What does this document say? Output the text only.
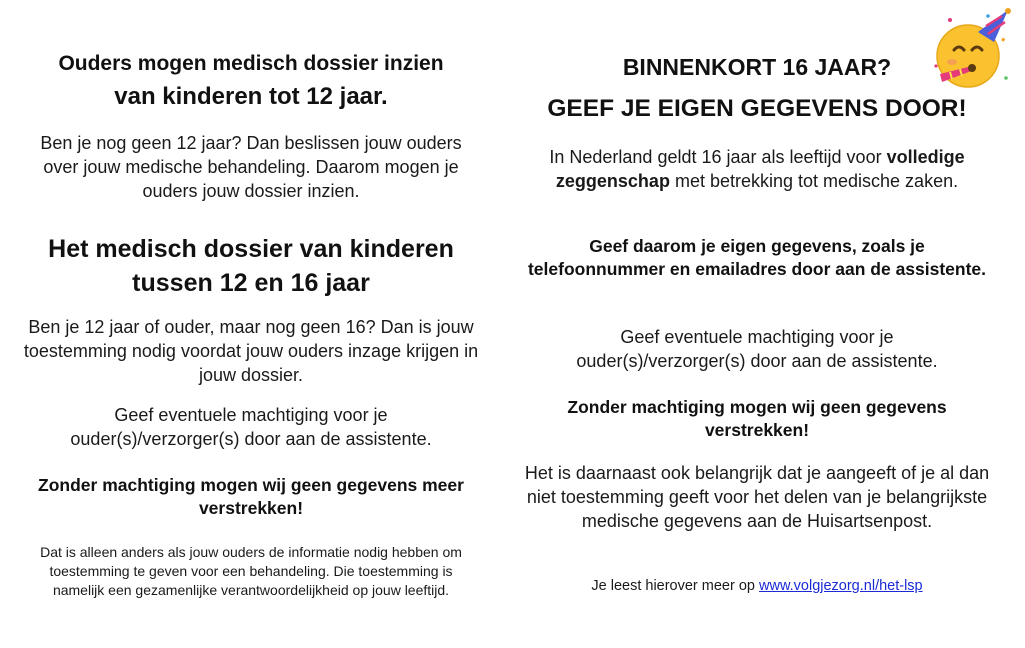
Ouders mogen medisch dossier inzien
van kinderen tot 12 jaar.

Ben je nog geen 12 jaar? Dan beslissen jouw ouders over jouw medische behandeling. Daarom mogen je ouders jouw dossier inzien.

Het medisch dossier van kinderen tussen 12 en 16 jaar

Ben je 12 jaar of ouder, maar nog geen 16? Dan is jouw toestemming nodig voordat jouw ouders inzage krijgen in jouw dossier.

Geef eventuele machtiging voor je ouder(s)/verzorger(s) door aan de assistente.

Zonder machtiging mogen wij geen gegevens meer verstrekken!

Dat is alleen anders als jouw ouders de informatie nodig hebben om toestemming te geven voor een behandeling. Die toestemming is namelijk een gezamenlijke verantwoordelijkheid op jouw leeftijd.

BINNENKORT 16 JAAR?
GEEF JE EIGEN GEGEVENS DOOR!

In Nederland geldt 16 jaar als leeftijd voor volledige zeggenschap met betrekking tot medische zaken.

Geef daarom je eigen gegevens, zoals je telefoonnummer en emailadres door aan de assistente.

Geef eventuele machtiging voor je ouder(s)/verzorger(s) door aan de assistente.

Zonder machtiging mogen wij geen gegevens verstrekken!

Het is daarnaast ook belangrijk dat je aangeeft of je al dan niet toestemming geeft voor het delen van je belangrijkste medische gegevens aan de Huisartsenpost.

Je leest hierover meer op www.volgjezorg.nl/het-lsp
